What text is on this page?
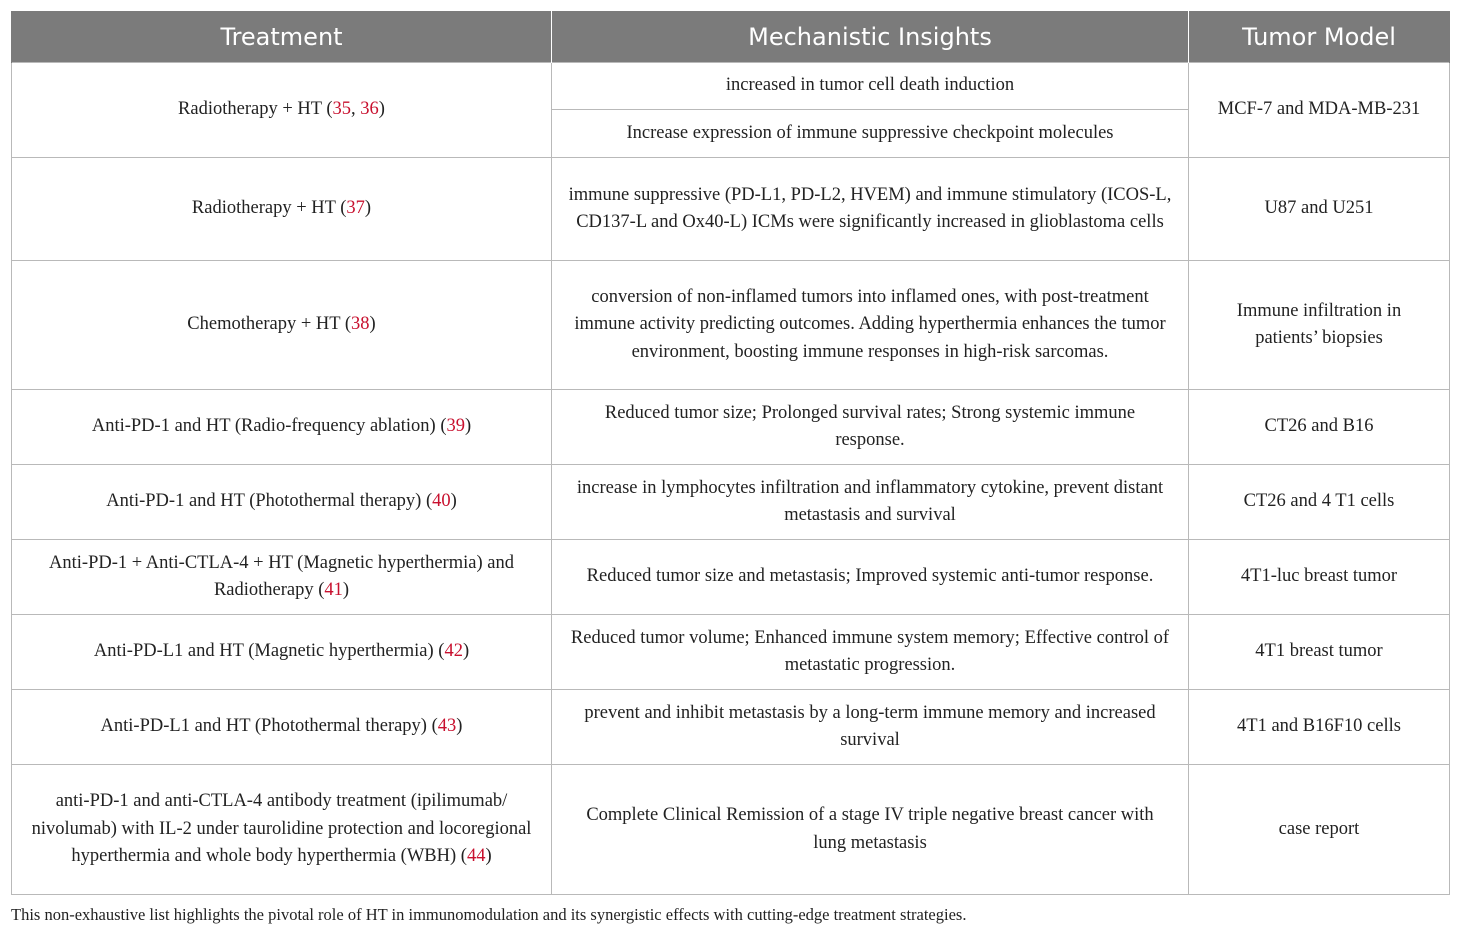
Treatment	Mechanistic Insights	Tumor Model
Radiotherapy + HT (35, 36)	increased in tumor cell death induction	MCF-7 and MDA-MB-231
	Increase expression of immune suppressive checkpoint molecules	
Radiotherapy + HT (37)	immune suppressive (PD-L1, PD-L2, HVEM) and immune stimulatory (ICOS-L, CD137-L and Ox40-L) ICMs were significantly increased in glioblastoma cells	U87 and U251
Chemotherapy + HT (38)	conversion of non-inflamed tumors into inflamed ones, with post-treatment immune activity predicting outcomes. Adding hyperthermia enhances the tumor environment, boosting immune responses in high-risk sarcomas.	Immune infiltration in patients’ biopsies
Anti-PD-1 and HT (Radio-frequency ablation) (39)	Reduced tumor size; Prolonged survival rates; Strong systemic immune response.	CT26 and B16
Anti-PD-1 and HT (Photothermal therapy) (40)	increase in lymphocytes infiltration and inflammatory cytokine, prevent distant metastasis and survival	CT26 and 4 T1 cells
Anti-PD-1 + Anti-CTLA-4 + HT (Magnetic hyperthermia) and Radiotherapy (41)	Reduced tumor size and metastasis; Improved systemic anti-tumor response.	4T1-luc breast tumor
Anti-PD-L1 and HT (Magnetic hyperthermia) (42)	Reduced tumor volume; Enhanced immune system memory; Effective control of metastatic progression.	4T1 breast tumor
Anti-PD-L1 and HT (Photothermal therapy) (43)	prevent and inhibit metastasis by a long-term immune memory and increased survival	4T1 and B16F10 cells
anti-PD-1 and anti-CTLA-4 antibody treatment (ipilimumab/ nivolumab) with IL-2 under taurolidine protection and locoregional hyperthermia and whole body hyperthermia (WBH) (44)	Complete Clinical Remission of a stage IV triple negative breast cancer with lung metastasis	case report
This non-exhaustive list highlights the pivotal role of HT in immunomodulation and its synergistic effects with cutting-edge treatment strategies.
